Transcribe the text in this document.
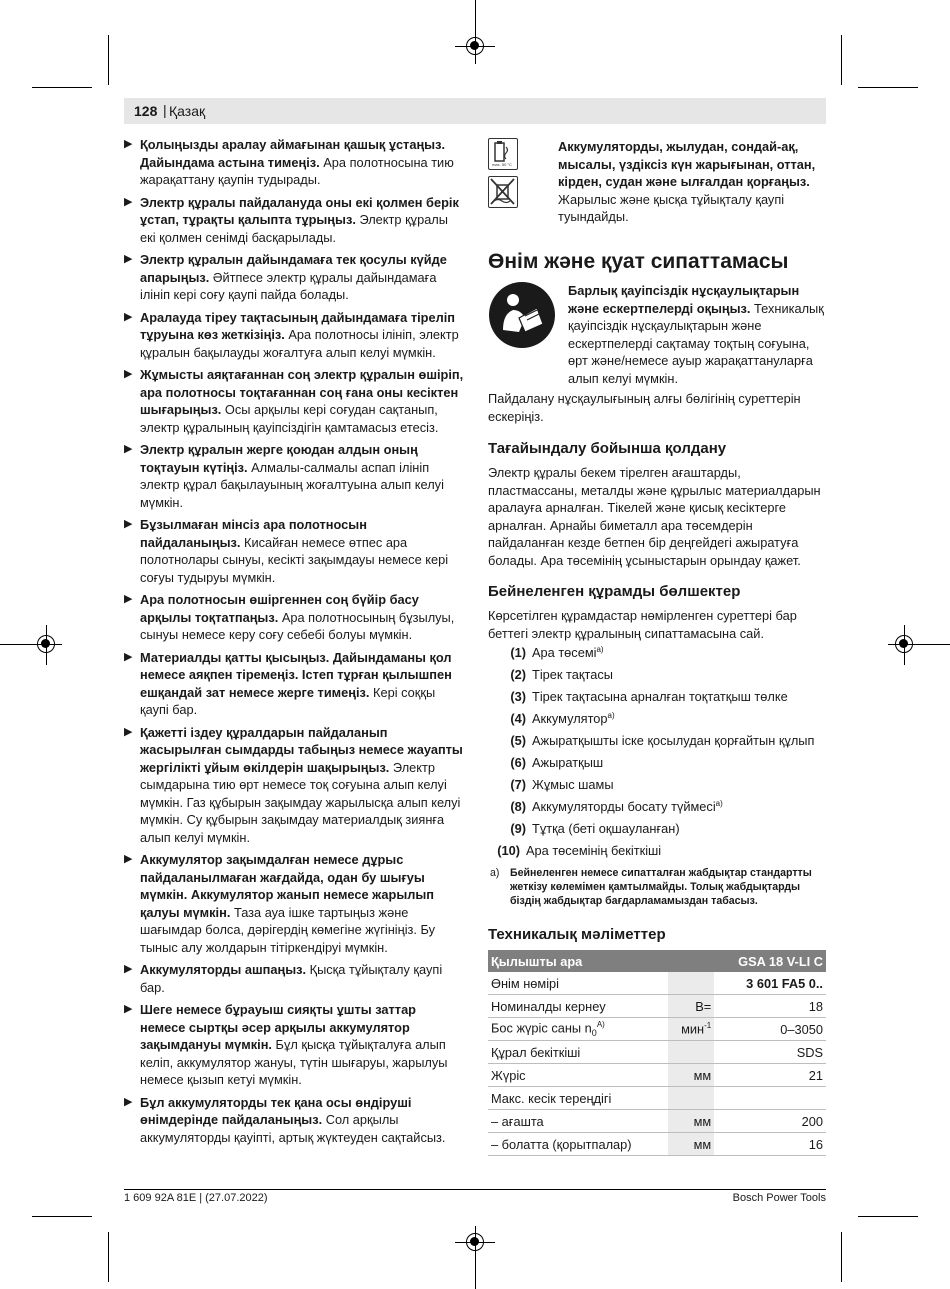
128 | Қазақ
▶ Қолыңызды аралау аймағынан қашық ұстаңыз. Дайындама астына тимеңіз. Ара полотносына тию жарақаттану қаупін тудырады.
▶ Электр құралы пайдалануда оны екі қолмен берік ұстап, тұрақты қалыпта тұрыңыз. Электр құралы екі қолмен сенімді басқарылады.
▶ Электр құралын дайындамаға тек қосулы күйде апарыңыз. Әйтпесе электр құралы дайындамаға ілініп кері соғу қаупі пайда болады.
▶ Аралауда тіреу тақтасының дайындамаға тіреліп тұруына көз жеткізіңіз. Ара полотносы ілініп, электр құралын бақылауды жоғалтуға алып келуі мүмкін.
▶ Жұмысты аяқтағаннан соң электр құралын өшіріп, ара полотносы тоқтағаннан соң ғана оны кесіктен шығарыңыз. Осы арқылы кері соғудан сақтанып, электр құралының қауіпсіздігін қамтамасыз етесіз.
▶ Электр құралын жерге қоюдан алдын оның тоқтауын күтіңіз. Алмалы-салмалы аспап ілініп электр құрал бақылауының жоғалтуына алып келуі мүмкін.
▶ Бұзылмаған мінсіз ара полотносын пайдаланыңыз. Кисайған немесе өтпес ара полотнолары сынуы, кесікті зақымдауы немесе кері соғуы тудыруы мүмкін.
▶ Ара полотносын өшіргеннен соң бүйір басу арқылы тоқтатпаңыз. Ара полотносының бұзылуы, сынуы немесе керу соғу себебі болуы мүмкін.
▶ Материалды қатты қысыңыз. Дайындаманы қол немесе аяқпен тіремеңіз. Істеп тұрған қылышпен ешқандай зат немесе жерге тимеңіз. Кері соққы қаупі бар.
▶ Қажетті іздеу құралдарын пайдаланып жасырылған сымдарды табыңыз немесе жауапты жергілікті ұйым өкілдерін шақырыңыз. Электр сымдарына тию өрт немесе тоқ соғуына алып келуі мүмкін. Газ құбырын зақымдау жарылысқа алып келуі мүмкін. Су құбырын зақымдау материалдық зиянға алып келуі мүмкін.
▶ Аккумулятор зақымдалған немесе дұрыс пайдаланылмаған жағдайда, одан бу шығуы мүмкін. Аккумулятор жанып немесе жарылып қалуы мүмкін. Таза ауа ішке тартыңыз және шағымдар болса, дәрігердің көмегіне жүгініңіз. Бу тыныс алу жолдарын тітіркендіруі мүмкін.
▶ Аккумуляторды ашпаңыз. Қысқа тұйықталу қаупі бар.
▶ Шеге немесе бұрауыш сияқты ұшты заттар немесе сыртқы әсер арқылы аккумулятор зақымдануы мүмкін. Бұл қысқа тұйықталуға алып келіп, аккумулятор жануы, түтін шығаруы, жарылуы немесе қызып кетуі мүмкін.
▶ Бұл аккумуляторды тек қана осы өндіруші өнімдерінде пайдаланыңыз. Сол арқылы аккумуляторды қауіпті, артық жүктеуден сақтайсыз.
max. 50 °C
Аккумуляторды, жылудан, сондай-ақ, мысалы, үздіксіз күн жарығынан, оттан, кірден, судан және ылғалдан қорғаңыз. Жарылыс және қысқа тұйықталу қаупі туындайды.
Өнім және қуат сипаттамасы
Барлық қауіпсіздік нұсқаулықтарын және ескертпелерді оқыңыз. Техникалық қауіпсіздік нұсқаулықтарын және ескертпелерді сақтамау тоқтың соғуына, өрт және/немесе ауыр жарақаттануларға алып келуі мүмкін.
Пайдалану нұсқаулығының алғы бөлігінің суреттерін ескеріңіз.
Тағайындалу бойынша қолдану
Электр құралы бекем тірелген ағаштарды, пластмассаны, металды және құрылыс материалдарын аралауға арналған. Тікелей және қисық кесіктерге арналған. Арнайы биметалл ара төсемдерін пайдаланған кезде бетпен бір деңгейдегі ажыратуға болады. Ара төсемінің ұсыныстарын орындау қажет.
Бейнеленген құрамды бөлшектер
Көрсетілген құрамдастар нөмірленген суреттері бар беттегі электр құралының сипаттамасына сай.
(1) Ара төсемі$^{a)}$
(2) Тірек тақтасы
(3) Тірек тақтасына арналған тоқтатқыш төлке
(4) Аккумулятор$^{a)}$
(5) Ажыратқышты іске қосылудан қорғайтын құлып
(6) Ажыратқыш
(7) Жұмыс шамы
(8) Аккумуляторды босату түймесі$^{a)}$
(9) Тұтқа (беті оқшауланған)
(10) Ара төсемінің бекіткіші
a) Бейнеленген немесе сипатталған жабдықтар стандартты жеткізу көлемімен қамтылмайды. Толық жабдықтарды біздің жабдықтар бағдарламамыздан табасыз.
Техникалық мәліметтер
Қылышты ара		GSA 18 V-LI C
Өнім нөмірі		3 601 FA5 0..
Номиналды кернеу	B=	18
Бос жүріс саны $n_0^{A)}$	мин$^{-1}$	0–3050
Құрал бекіткіші		SDS
Жүріс	мм	21
Макс. кесік тереңдігі		
– ағашта	мм	200
– болатта (қорытпалар)	мм	16
1 609 92A 81E | (27.07.2022)	Bosch Power Tools
